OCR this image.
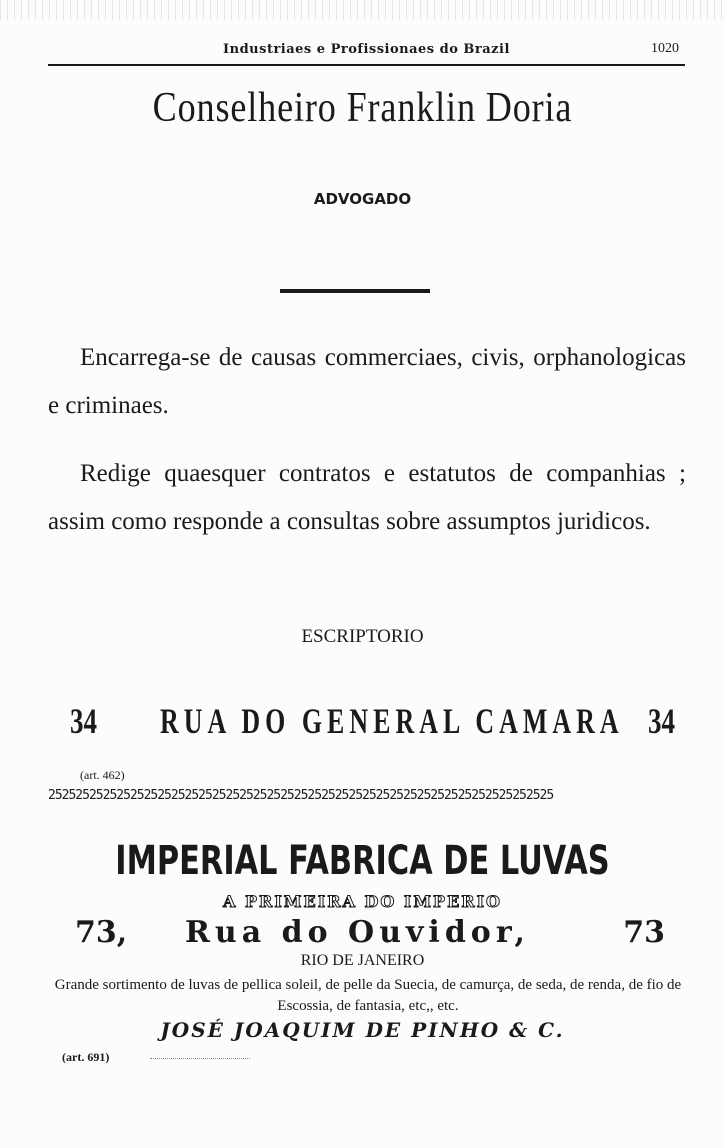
Industriaes e Profissionaes do Brazil	1020
Conselheiro Franklin Doria
ADVOGADO
Encarrega-se de causas commerciaes, civis, orphanologicas e criminaes.
Redige quaesquer contratos e estatutos de companhias ; assim como responde a consultas sobre assumptos juridicos.
ESCRIPTORIO
34 RUA DO GENERAL CAMARA 34
(art. 462)
25252525252525252525252525252525252525252525252525252525252525252525252525
IMPERIAL FABRICA DE LUVAS
A PRIMEIRA DO IMPERIO
73, Rua do Ouvidor,	73
RIO DE JANEIRO
Grande sortimento de luvas de pellica soleil, de pelle da Suecia, de camurça, de seda, de renda, de fio de Escossia, de fantasia, etc,, etc.
JOSÉ JOAQUIM DE PINHO & C.
(art. 691)
